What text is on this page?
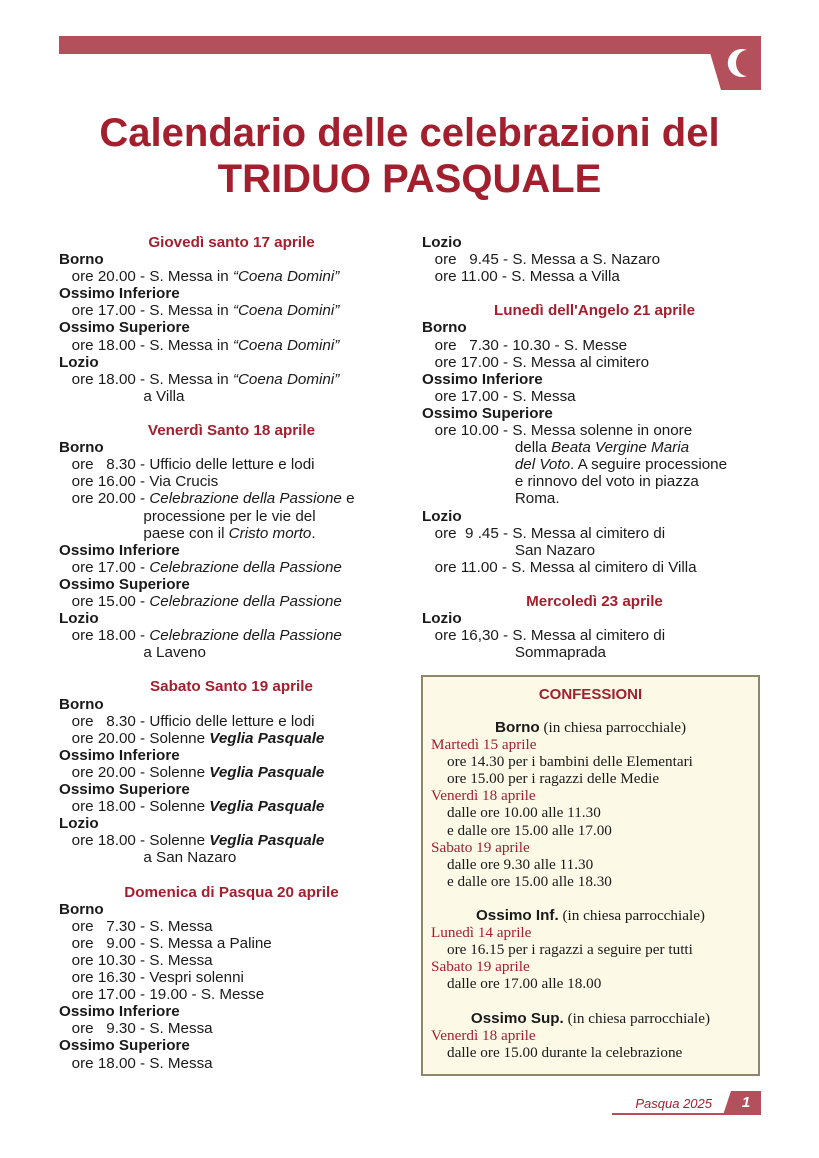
Calendario delle celebrazioni del
TRIDUO PASQUALE
Giovedì santo 17 aprile
Borno
ore 20.00 - S. Messa in “Coena Domini”
Ossimo Inferiore
ore 17.00 - S. Messa in “Coena Domini”
Ossimo Superiore
ore 18.00 - S. Messa in “Coena Domini”
Lozio
ore 18.00 - S. Messa in “Coena Domini”
a Villa
Venerdì Santo 18 aprile
Borno
ore   8.30 - Ufficio delle letture e lodi
ore 16.00 - Via Crucis
ore 20.00 - Celebrazione della Passione e
processione per le vie del
paese con il Cristo morto.
Ossimo Inferiore
ore 17.00 - Celebrazione della Passione
Ossimo Superiore
ore 15.00 - Celebrazione della Passione
Lozio
ore 18.00 - Celebrazione della Passione
a Laveno
Sabato Santo 19 aprile
Borno
ore   8.30 - Ufficio delle letture e lodi
ore 20.00 - Solenne Veglia Pasquale
Ossimo Inferiore
ore 20.00 - Solenne Veglia Pasquale
Ossimo Superiore
ore 18.00 - Solenne Veglia Pasquale
Lozio
ore 18.00 - Solenne Veglia Pasquale
a San Nazaro
Domenica di Pasqua 20 aprile
Borno
ore   7.30 - S. Messa
ore   9.00 - S. Messa a Paline
ore 10.30 - S. Messa
ore 16.30 - Vespri solenni
ore 17.00 - 19.00 - S. Messe
Ossimo Inferiore
ore   9.30 - S. Messa
Ossimo Superiore
ore 18.00 - S. Messa
Lozio
ore   9.45 - S. Messa a S. Nazaro
ore 11.00 - S. Messa a Villa
Lunedì dell'Angelo 21 aprile
Borno
ore   7.30 - 10.30 - S. Messe
ore 17.00 - S. Messa al cimitero
Ossimo Inferiore
ore 17.00 - S. Messa
Ossimo Superiore
ore 10.00 - S. Messa solenne in onore
della Beata Vergine Maria
del Voto. A seguire processione
e rinnovo del voto in piazza
Roma.
Lozio
ore  9 .45 - S. Messa al cimitero di
San Nazaro
ore 11.00 - S. Messa al cimitero di Villa
Mercoledì 23 aprile
Lozio
ore 16,30 - S. Messa al cimitero di
Sommaprada
CONFESSIONI
Borno (in chiesa parrocchiale)
Martedì 15 aprile
ore 14.30 per i bambini delle Elementari
ore 15.00 per i ragazzi delle Medie
Venerdì 18 aprile
dalle ore 10.00 alle 11.30
e dalle ore 15.00 alle 17.00
Sabato 19 aprile
dalle ore 9.30 alle 11.30
e dalle ore 15.00 alle 18.30
Ossimo Inf. (in chiesa parrocchiale)
Lunedì 14 aprile
ore 16.15 per i ragazzi a seguire per tutti
Sabato 19 aprile
dalle ore 17.00 alle 18.00
Ossimo Sup. (in chiesa parrocchiale)
Venerdì 18 aprile
dalle ore 15.00 durante la celebrazione
Pasqua 2025	1
